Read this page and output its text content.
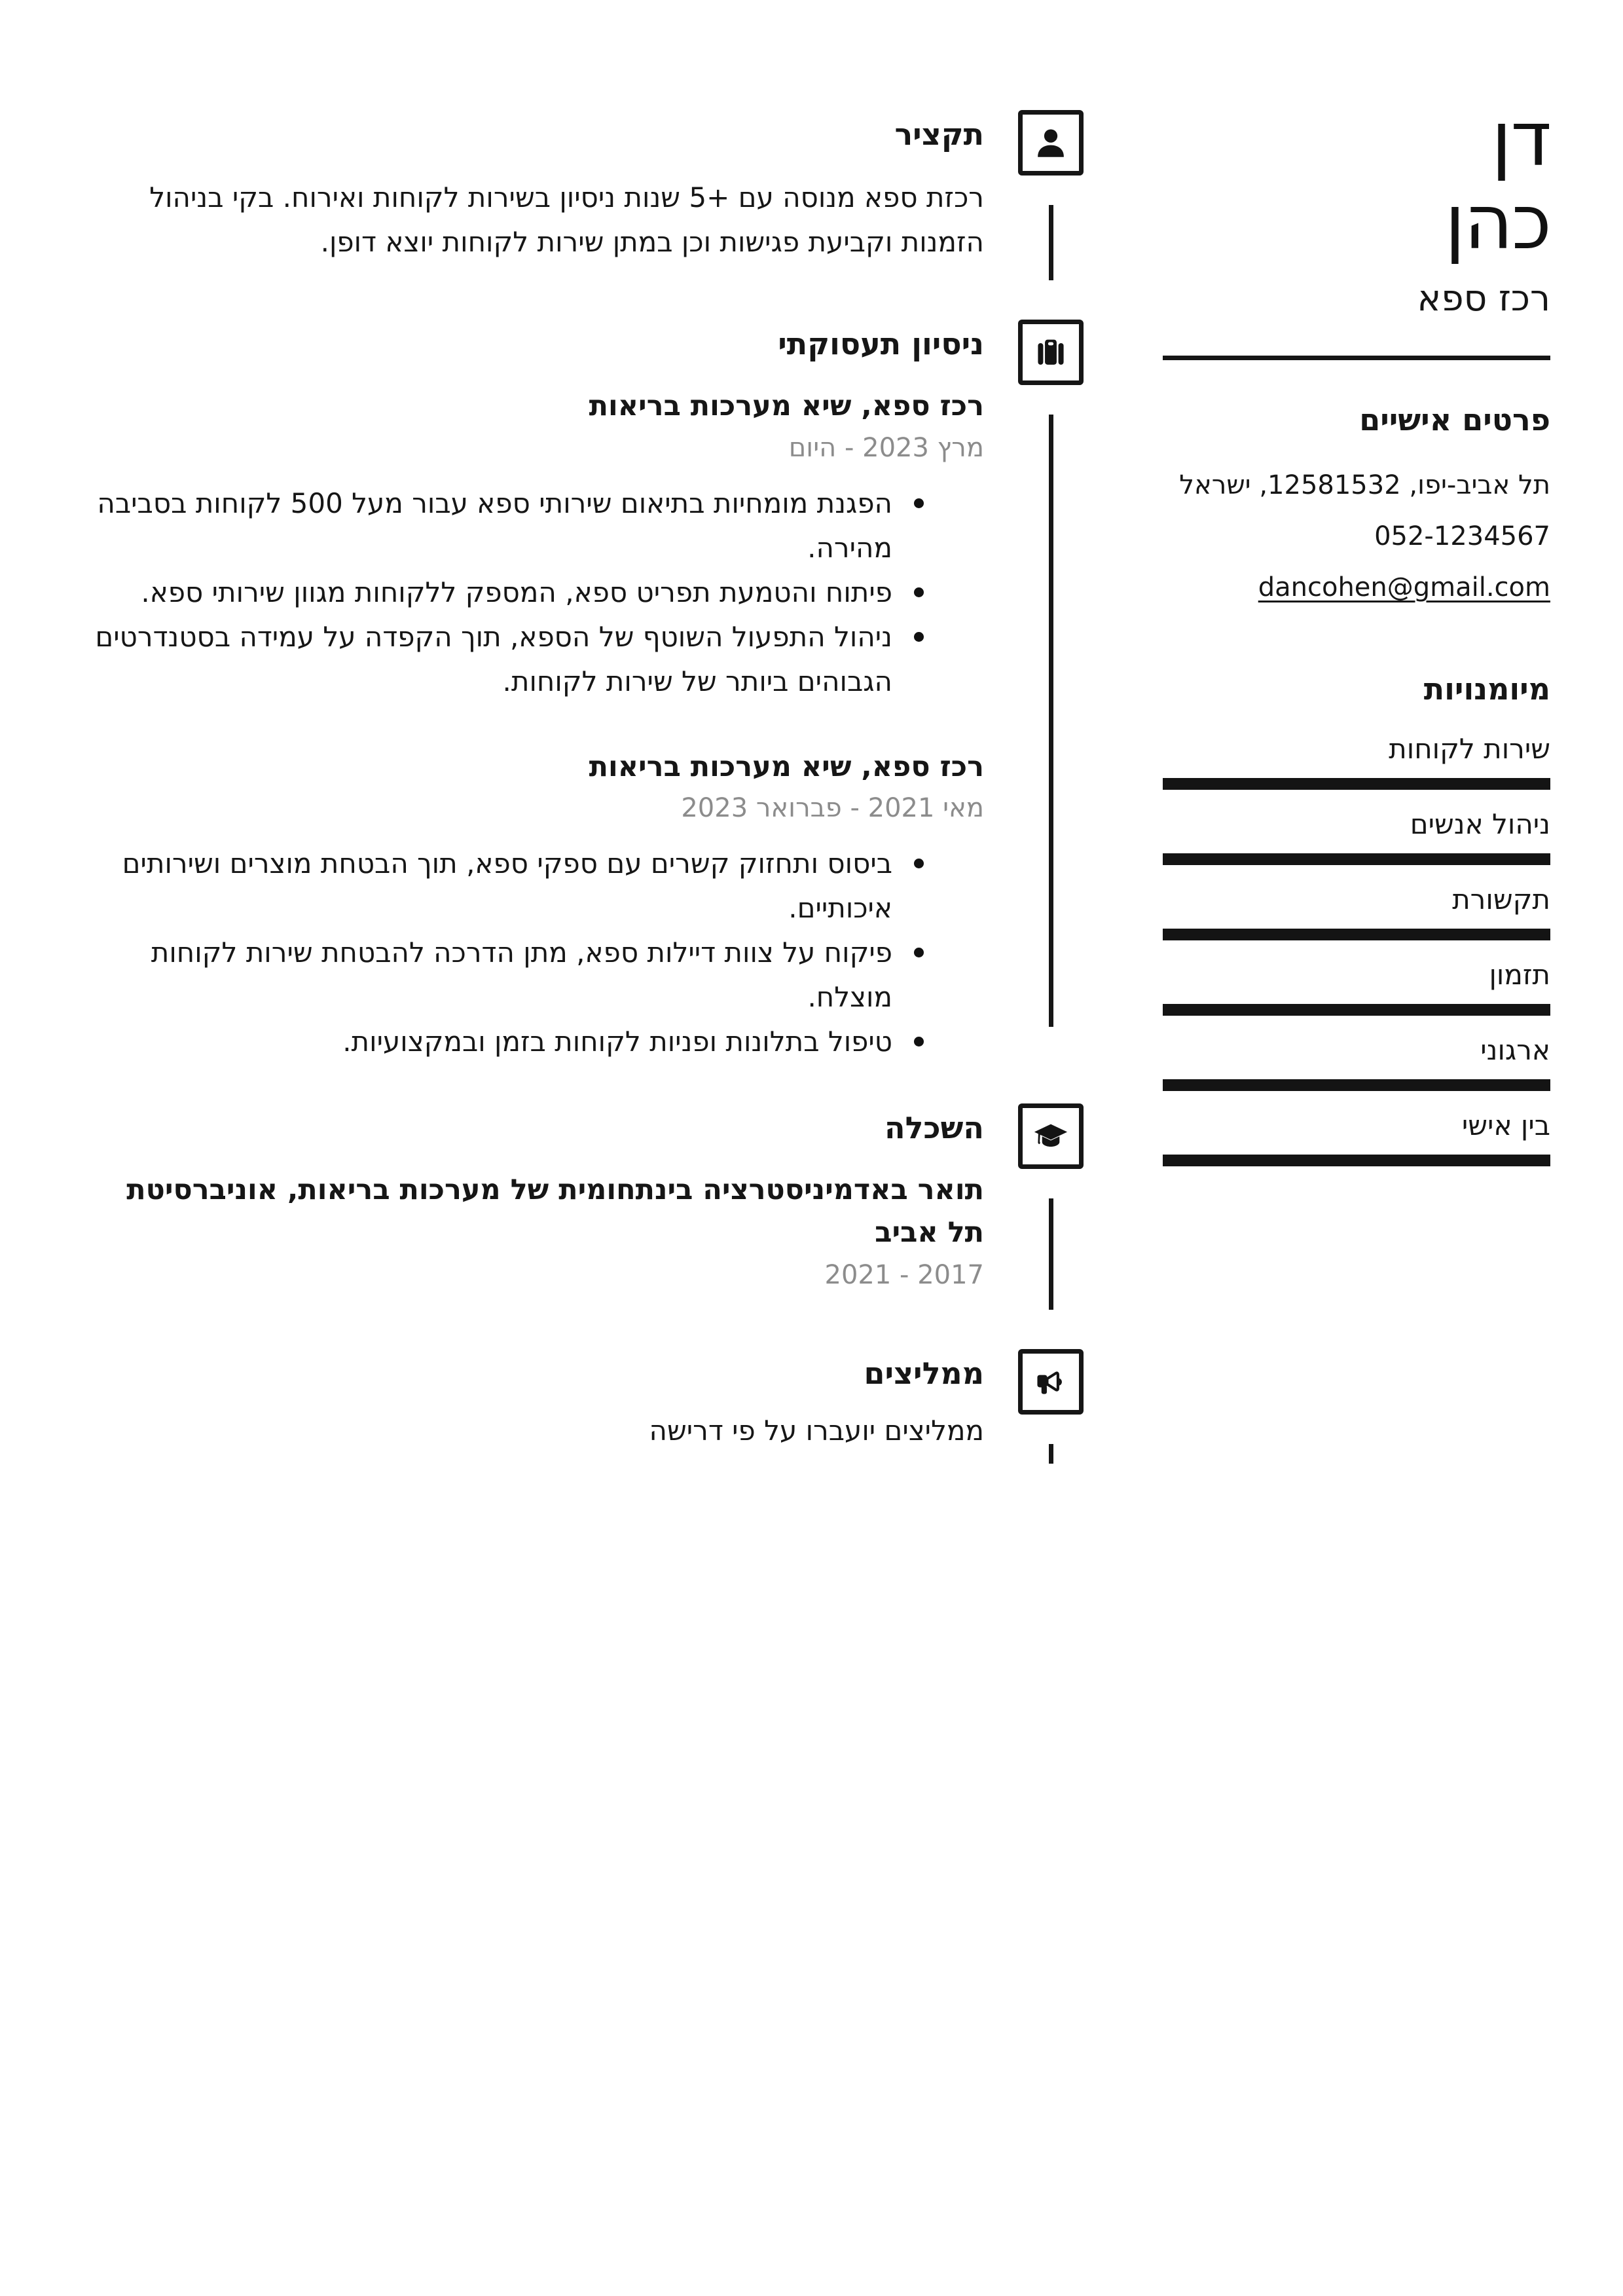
דן
כהן
רכז ספא
פרטים אישיים
תל אביב-יפו, 12581532, ישראל
052-1234567
dancohen@gmail.com
מיומנויות
שירות לקוחות
ניהול אנשים
תקשורת
תזמון
ארגוני
בין אישי
תקציר

רכזת ספא מנוסה עם +5 שנות ניסיון בשירות לקוחות ואירוח. בקי בניהול הזמנות וקביעת פגישות וכן במתן שירות לקוחות יוצא דופן.

ניסיון תעסוקתי
רכז ספא, שיא מערכות בריאות
מרץ 2023 - היום
הפגנת מומחיות בתיאום שירותי ספא עבור מעל 500 לקוחות בסביבה מהירה.
פיתוח והטמעת תפריט ספא, המספק ללקוחות מגוון שירותי ספא.
ניהול התפעול השוטף של הספא, תוך הקפדה על עמידה בסטנדרטים הגבוהים ביותר של שירות לקוחות.
רכז ספא, שיא מערכות בריאות
מאי 2021 - פברואר 2023
ביסוס ותחזוק קשרים עם ספקי ספא, תוך הבטחת מוצרים ושירותים איכותיים.
פיקוח על צוות דיילות ספא, מתן הדרכה להבטחת שירות לקוחות מוצלח.
טיפול בתלונות ופניות לקוחות בזמן ובמקצועיות.
השכלה
תואר באדמיניסטרציה בינתחומית של מערכות בריאות, אוניברסיטת תל אביב
2017 - 2021
ממליצים

ממליצים יועברו על פי דרישה
